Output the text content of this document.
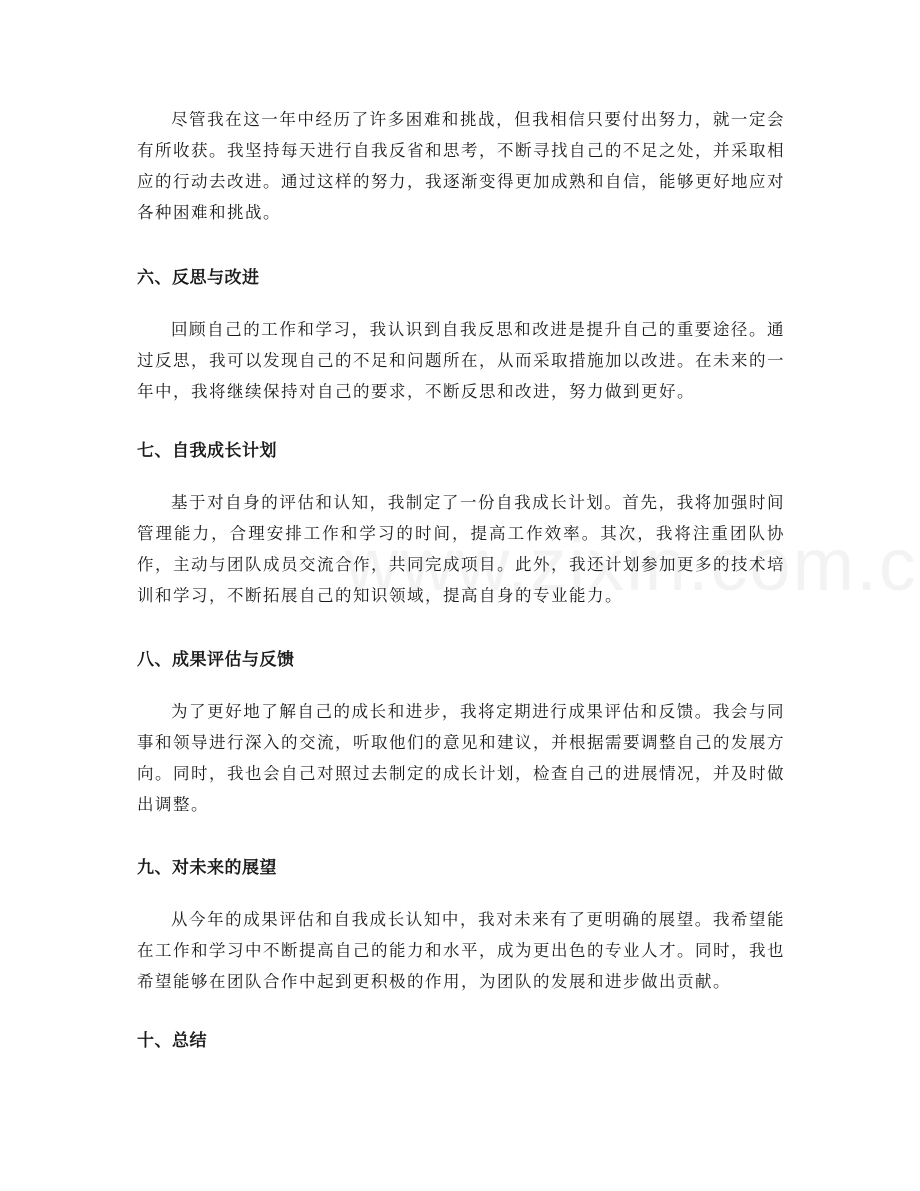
尽管我在这一年中经历了许多困难和挑战，但我相信只要付出努力，就一定会有所收获。我坚持每天进行自我反省和思考，不断寻找自己的不足之处，并采取相应的行动去改进。通过这样的努力，我逐渐变得更加成熟和自信，能够更好地应对各种困难和挑战。

六、反思与改进

回顾自己的工作和学习，我认识到自我反思和改进是提升自己的重要途径。通过反思，我可以发现自己的不足和问题所在，从而采取措施加以改进。在未来的一年中，我将继续保持对自己的要求，不断反思和改进，努力做到更好。

七、自我成长计划

基于对自身的评估和认知，我制定了一份自我成长计划。首先，我将加强时间管理能力，合理安排工作和学习的时间，提高工作效率。其次，我将注重团队协作，主动与团队成员交流合作，共同完成项目。此外，我还计划参加更多的技术培训和学习，不断拓展自己的知识领域，提高自身的专业能力。

八、成果评估与反馈

为了更好地了解自己的成长和进步，我将定期进行成果评估和反馈。我会与同事和领导进行深入的交流，听取他们的意见和建议，并根据需要调整自己的发展方向。同时，我也会自己对照过去制定的成长计划，检查自己的进展情况，并及时做出调整。

九、对未来的展望

从今年的成果评估和自我成长认知中，我对未来有了更明确的展望。我希望能在工作和学习中不断提高自己的能力和水平，成为更出色的专业人才。同时，我也希望能够在团队合作中起到更积极的作用，为团队的发展和进步做出贡献。

十、总结
